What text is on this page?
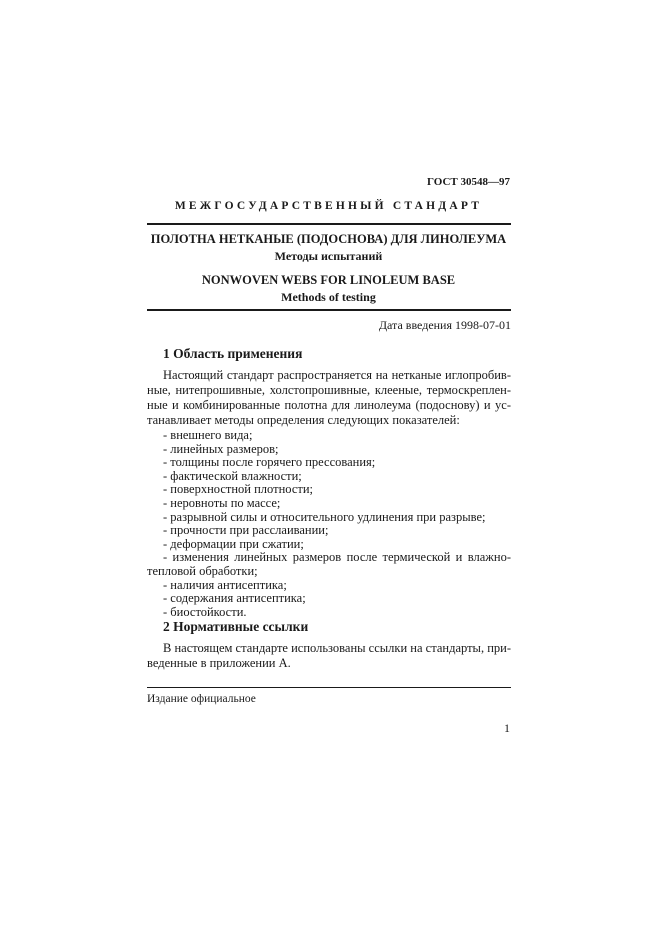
ГОСТ 30548—97
МЕЖГОСУДАРСТВЕННЫЙ СТАНДАРТ
ПОЛОТНА НЕТКАНЫЕ (ПОДОСНОВА) ДЛЯ ЛИНОЛЕУМА
Методы испытаний
NONWOVEN WEBS FOR LINOLEUM BASE
Methods of testing
Дата введения 1998-07-01
1 Область применения
Настоящий стандарт распространяется на нетканые иглопробив-
ные, нитепрошивные, холстопрошивные, клееные, термоскреплен-
ные и комбинированные полотна для линолеума (подоснову) и ус-
танавливает методы определения следующих показателей:
2 Нормативные ссылки
В настоящем стандарте использованы ссылки на стандарты, при-
веденные в приложении А.
Издание официальное
1
- внешнего вида;
- линейных размеров;
- толщины после горячего прессования;
- фактической влажности;
- поверхностной плотности;
- неровноты по массе;
- разрывной силы и относительного удлинения при разрыве;
- прочности при расслаивании;
- деформации при сжатии;
- изменения линейных размеров после термической и влажно-
тепловой обработки;
- наличия антисептика;
- содержания антисептика;
- биостойкости.
